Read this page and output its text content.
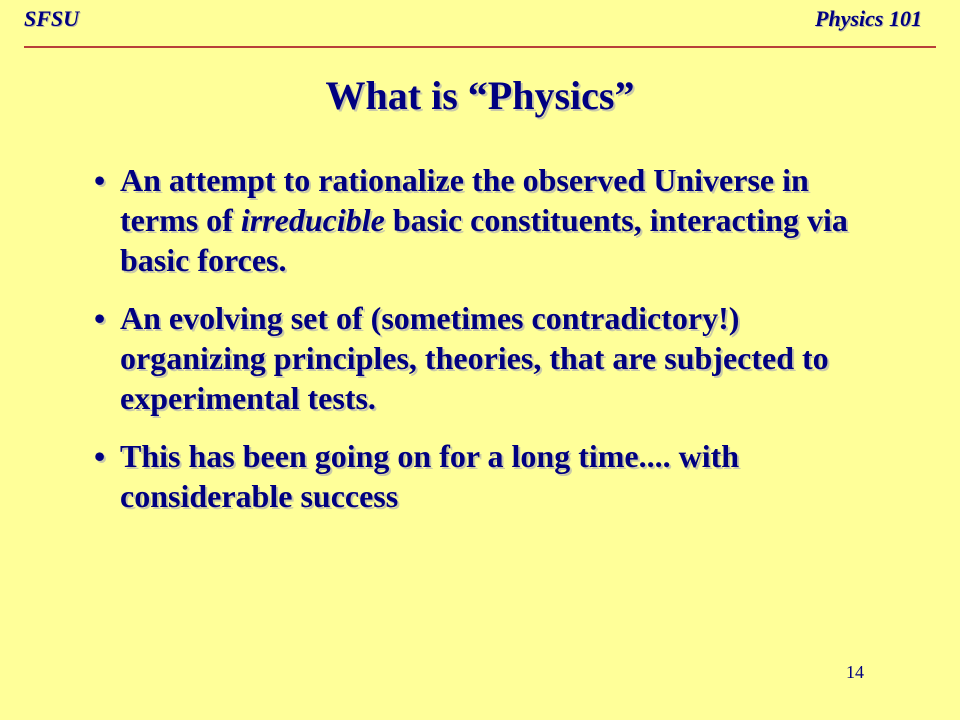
SFSU	Physics 101
What is “Physics”
• An attempt to rationalize the observed Universe in terms of irreducible basic constituents, interacting via basic forces.
• An evolving set of (sometimes contradictory!) organizing principles, theories, that are subjected to experimental tests.
• This has been going on for a long time.... with considerable success
14
